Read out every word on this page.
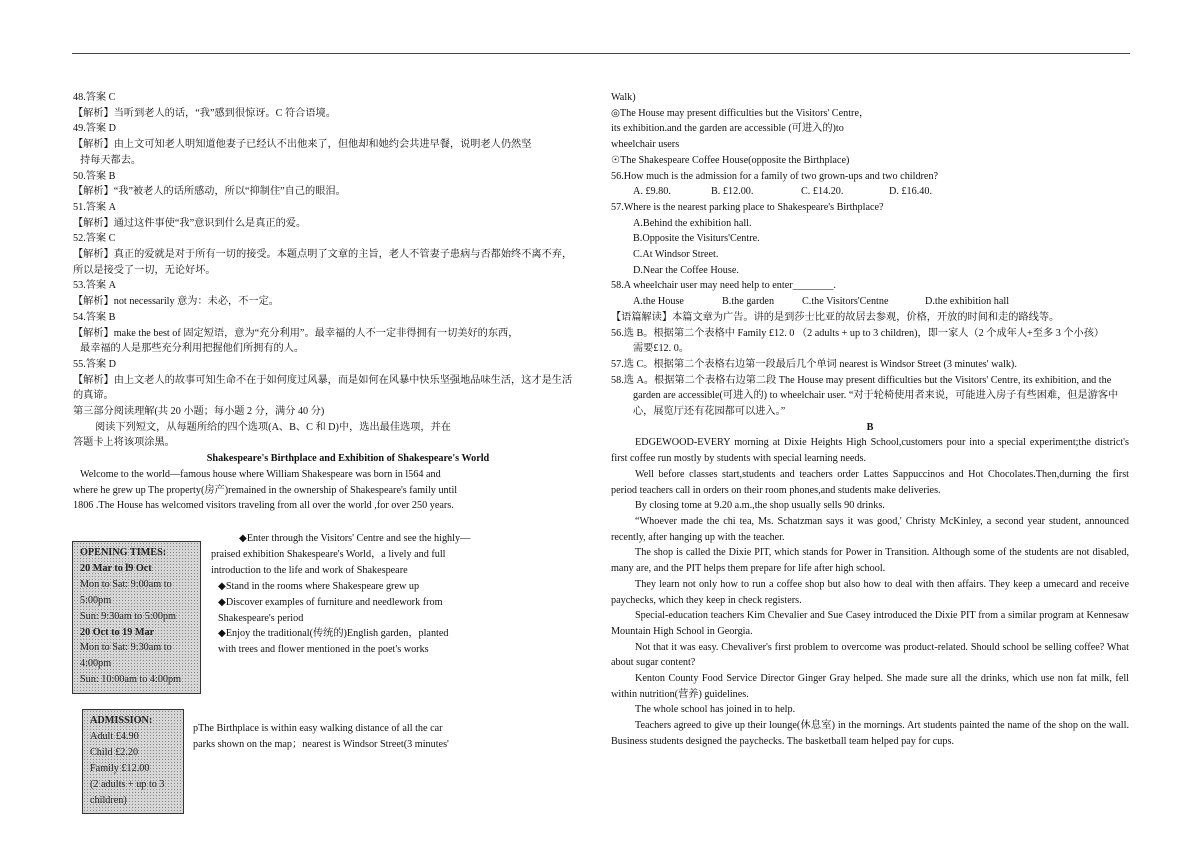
48.答案 C
【解析】当听到老人的话，“我”感到很惊讶。C 符合语境。
49.答案 D
【解析】由上文可知老人明知道他妻子已经认不出他来了，但他却和她约会共进早餐，说明老人仍然坚
持每天都去。
50.答案 B
【解析】“我”被老人的话所感动，所以“抑制住”自己的眼泪。
51.答案 A
【解析】通过这件事使“我”意识到什么是真正的爱。
52.答案 C
【解析】真正的爱就是对于所有一切的接受。本题点明了文章的主旨，老人不管妻子患病与否都始终不离不弃，
所以是接受了一切，无论好坏。
53.答案 A
【解析】not necessarily 意为：未必，不一定。
54.答案 B
【解析】make the best of 固定短语，意为“充分利用”。最幸福的人不一定非得拥有一切美好的东西，
最幸福的人是那些充分利用把握他们所拥有的人。
55.答案 D
【解析】由上文老人的故事可知生命不在于如何度过风暴，而是如何在风暴中快乐坚强地品味生活，这才是生活
的真谛。
第三部分阅读理解(共 20 小题；每小题 2 分，满分 40 分)
阅读下列短文，从每题所给的四个选项(A、B、C 和 D)中，选出最佳选项，并在
答题卡上将该项涂黑。
Shakespeare's Birthplace and Exhibition of Shakespeare's World
Welcome to the world—famous house where William Shakespeare was born in l564 and
where he grew up The property(房产)remained in the ownership of Shakespeare's family until
1806 .The House has welcomed visitors traveling from all over the world ,for over 250 years.
OPENING TIMES:
20 Mar to l9 Oct
Mon to Sat: 9:00am to
5:00pm
Sun: 9:30am to 5:00pm
20 Oct to 19 Mar
Mon to Sat: 9:30am to
4:00pm
Sun: 10:00am to 4:00pm
◆Enter through the Visitors' Centre and see the highly—
praised exhibition Shakespeare's World，a lively and full
introduction to the life and work of Shakespeare
◆Stand in the rooms where Shakespeare grew up
◆Discover examples of furniture and needlework from
Shakespeare's period
◆Enjoy the traditional(传统的)English garden，planted
with trees and flower mentioned in the poet's works
ADMISSION:
Adult £4.90
Child £2.20
Family £12.00
(2 adults + up to 3
children)
pThe Birthplace is within easy walking distance of all the car
parks shown on the map；nearest is Windsor Street(3 minutes'
Walk)
◎The House may present difficulties but the Visitors' Centre，
its exhibition.and the garden are accessible (可进入的)to
wheelchair users
☉The Shakespeare Coffee House(opposite the Birthplace)
56.How much is the admission for a family of two grown-ups and two children?
A. £9.80.	B. £12.00.	C. £14.20.	D. £16.40.
57.Where is the nearest parking place to Shakespeare's Birthplace?
A.Behind the exhibition hall.
B.Opposite the Visiturs'Centre.
C.At Windsor Street.
D.Near the Coffee House.
58.A wheelchair user may need help to enter________.
A.the House	B.the garden	C.the Visitors'Centne	D.the exhibition hall
【语篇解读】本篇文章为广告。讲的是到莎士比亚的故居去参观，价格，开放的时间和走的路线等。
56.选 B。根据第二个表格中 Family £12. 0 （2 adults + up to 3 children)，即一家人（2 个成年人+至多 3 个小孩）
需要£12. 0。
57.选 C。根据第二个表格右边第一段最后几个单词 nearest is Windsor Street (3 minutes' walk).
58.选 A。根据第二个表格右边第二段 The House may present difficulties but the Visitors' Centre, its exhibition, and the
garden are accessible(可进入的) to wheelchair user. “对于轮椅使用者来说，可能进入房子有些困难，但是游客中
心，展览厅还有花园都可以进入。”
B
EDGEWOOD-EVERY morning at Dixie Heights High School,customers pour into a special experiment;the district's first coffee run mostly by students with special learning needs.
Well before classes start,students and teachers order Lattes Sappuccinos and Hot Chocolates.Then,durning the first period teachers call in orders on their room phones,and students make deliveries.
By closing tome at 9.20 a.m.,the shop usually sells 90 drinks.
“Whoever made the chi tea, Ms. Schatzman says it was good,' Christy McKinley, a second year student, announced recently, after hanging up with the teacher.
The shop is called the Dixie PIT, which stands for Power in Transition. Although some of the students are not disabled, many are, and the PIT helps them prepare for life after high school.
They learn not only how to run a coffee shop but also how to deal with then affairs. They keep a umecard and receive paychecks, which they keep in check registers.
Special-education teachers Kim Chevalier and Sue Casey introduced the Dixie PIT from a similar program at Kennesaw Mountain High School in Georgia.
Not that it was easy. Chevaliver's first problem to overcome was product-related. Should school be selling coffee? What about sugar content?
Kenton County Food Service Director Ginger Gray helped. She made sure all the drinks, which use non fat milk, fell within nutrition(营养) guidelines.
The whole school has joined in to help.
Teachers agreed to give up their lounge(休息室) in the mornings. Art students painted the name of the shop on the wall. Business students designed the paychecks. The basketball team helped pay for cups.
